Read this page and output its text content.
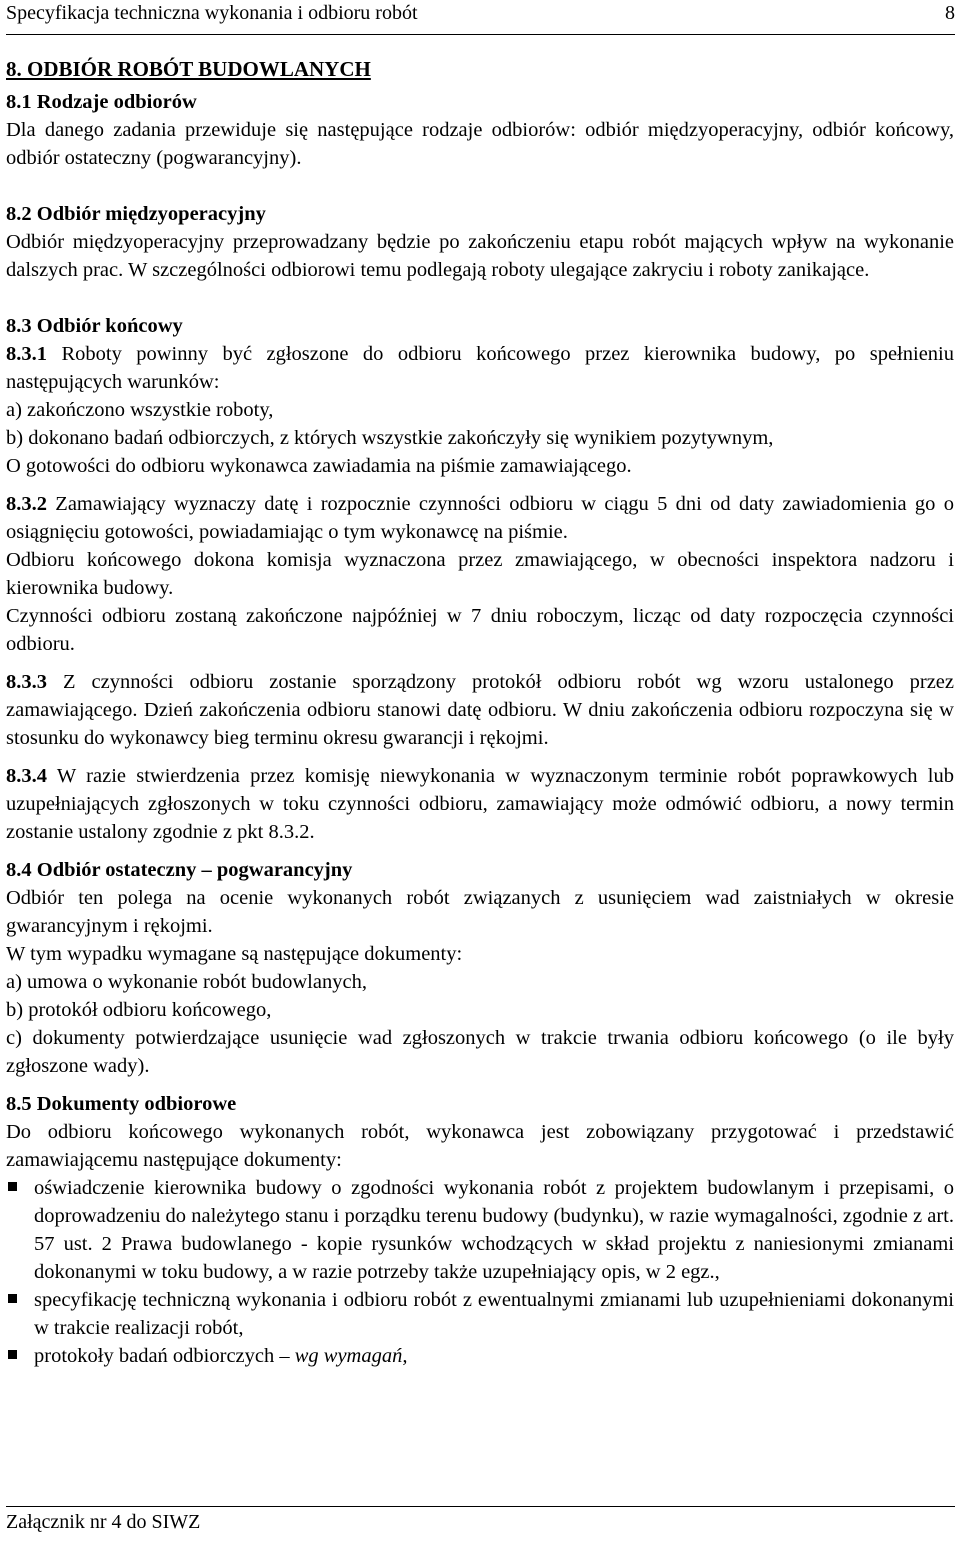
Specyfikacja techniczna wykonania i odbioru robót	8
8. ODBIÓR ROBÓT BUDOWLANYCH
8.1 Rodzaje odbiorów

Dla danego zadania przewiduje się następujące rodzaje odbiorów: odbiór międzyoperacyjny, odbiór końcowy, odbiór ostateczny (pogwarancyjny).

8.2 Odbiór międzyoperacyjny

Odbiór międzyoperacyjny przeprowadzany będzie po zakończeniu etapu robót mających wpływ na wykonanie dalszych prac. W szczególności odbiorowi temu podlegają roboty ulegające zakryciu i roboty zanikające.

8.3 Odbiór końcowy

8.3.1 Roboty powinny być zgłoszone do odbioru końcowego przez kierownika budowy, po spełnieniu następujących warunków:

a) zakończono wszystkie roboty,

b) dokonano badań odbiorczych, z których wszystkie zakończyły się wynikiem pozytywnym,

O gotowości do odbioru wykonawca zawiadamia na piśmie zamawiającego.

8.3.2 Zamawiający wyznaczy datę i rozpocznie czynności odbioru w ciągu 5 dni od daty zawiadomienia go o osiągnięciu gotowości, powiadamiając o tym wykonawcę na piśmie.

Odbioru końcowego dokona komisja wyznaczona przez zmawiającego, w obecności inspektora nadzoru i kierownika budowy.

Czynności odbioru zostaną zakończone najpóźniej w 7 dniu roboczym, licząc od daty rozpoczęcia czynności odbioru.

8.3.3 Z czynności odbioru zostanie sporządzony protokół odbioru robót wg wzoru ustalonego przez zamawiającego. Dzień zakończenia odbioru stanowi datę odbioru. W dniu zakończenia odbioru rozpoczyna się w stosunku do wykonawcy bieg terminu okresu gwarancji i rękojmi.

8.3.4 W razie stwierdzenia przez komisję niewykonania w wyznaczonym terminie robót poprawkowych lub uzupełniających zgłoszonych w toku czynności odbioru, zamawiający może odmówić odbioru, a nowy termin zostanie ustalony zgodnie z pkt 8.3.2.

8.4 Odbiór ostateczny – pogwarancyjny

Odbiór ten polega na ocenie wykonanych robót związanych z usunięciem wad zaistniałych w okresie gwarancyjnym i rękojmi.

W tym wypadku wymagane są następujące dokumenty:

a) umowa o wykonanie robót budowlanych,

b) protokół odbioru końcowego,

c) dokumenty potwierdzające usunięcie wad zgłoszonych w trakcie trwania odbioru końcowego (o ile były zgłoszone wady).

8.5 Dokumenty odbiorowe

Do odbioru końcowego wykonanych robót, wykonawca jest zobowiązany przygotować i przedstawić zamawiającemu następujące dokumenty:

oświadczenie kierownika budowy o zgodności wykonania robót z projektem budowlanym i przepisami, o doprowadzeniu do należytego stanu i porządku terenu budowy (budynku), w razie wymagalności, zgodnie z art. 57 ust. 2 Prawa budowlanego - kopie rysunków wchodzących w skład projektu z naniesionymi zmianami dokonanymi w toku budowy, a w razie potrzeby także uzupełniający opis, w 2 egz.,
specyfikację techniczną wykonania i odbioru robót z ewentualnymi zmianami lub uzupełnieniami dokonanymi w trakcie realizacji robót,
protokoły badań odbiorczych – wg wymagań,
Załącznik nr 4 do SIWZ
